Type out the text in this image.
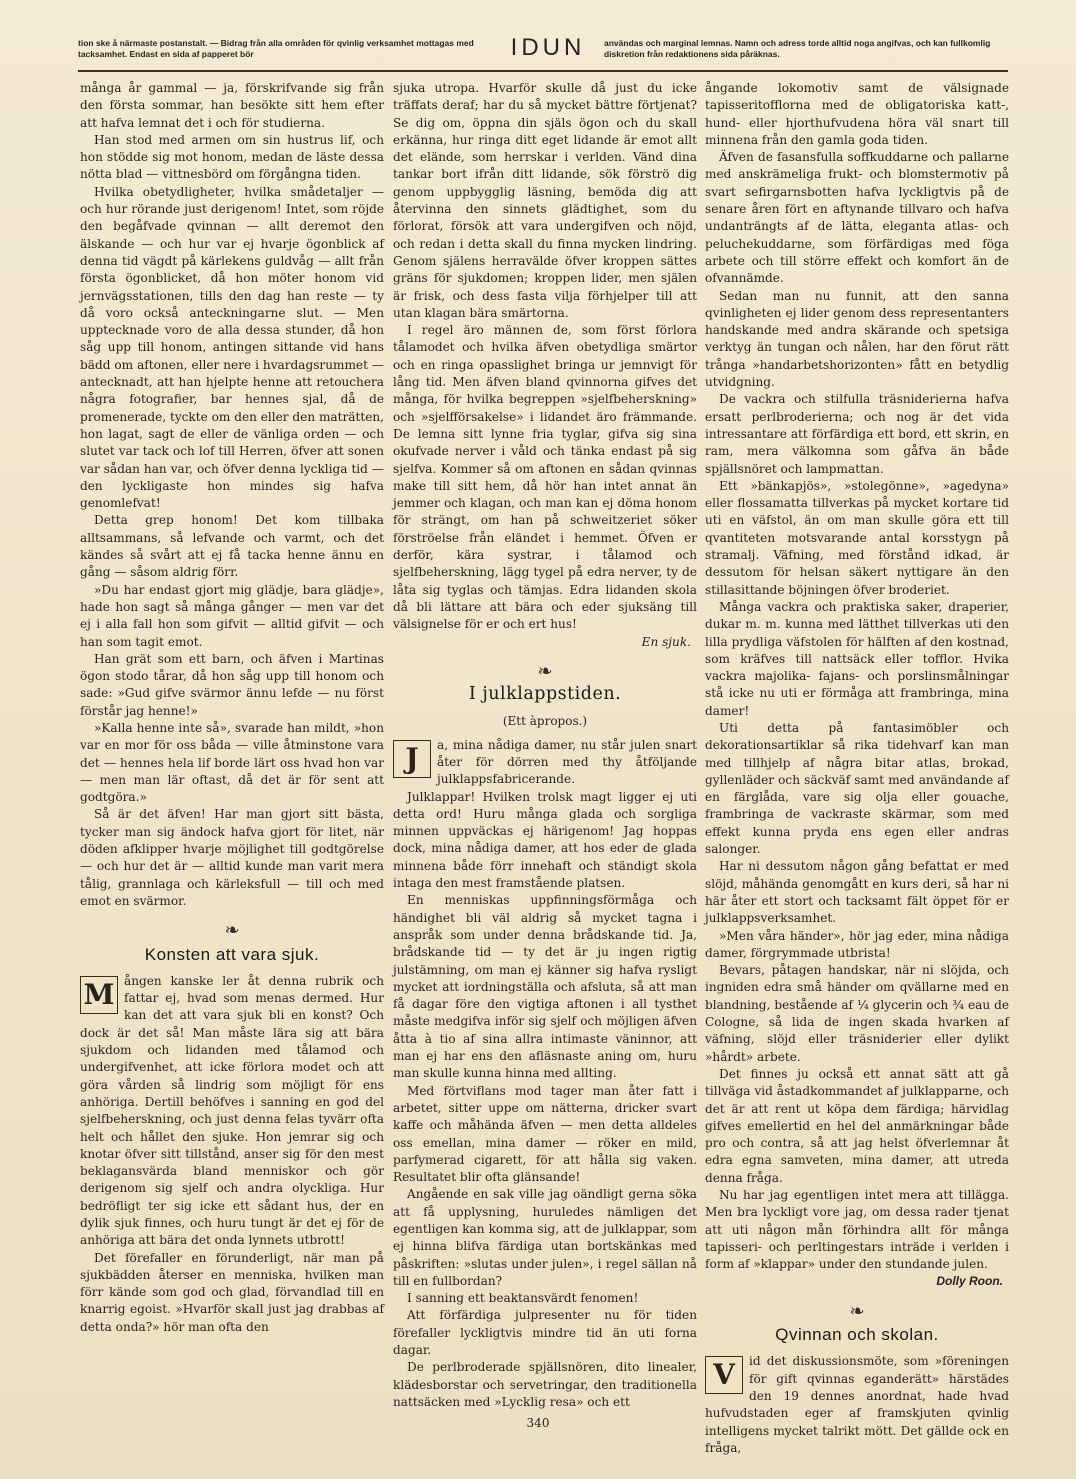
tion ske å närmaste postanstalt. — Bidrag från alla områden för qvinlig verksamhet mottagas med tacksamhet. Endast en sida af papperet bör	IDUN	användas och marginal lemnas. Namn och adress torde alltid noga angifvas, och kan fullkomlig diskretion från redaktionens sida påräknas.

många år gammal — ja, förskrifvande sig från den första sommar, han besökte sitt hem efter att hafva lemnat det i och för studierna.

Han stod med armen om sin hustrus lif, och hon stödde sig mot honom, medan de läste dessa nötta blad — vittnesbörd om förgångna tiden.

Hvilka obetydligheter, hvilka smådetaljer — och hur rörande just derigenom! Intet, som röjde den begåfvade qvinnan — allt deremot den älskande — och hur var ej hvarje ögonblick af denna tid vägdt på kärlekens guldvåg — allt från första ögonblicket, då hon möter honom vid jernvägsstationen, tills den dag han reste — ty då voro också anteckningarne slut. — Men upptecknade voro de alla dessa stunder, då hon såg upp till honom, antingen sittande vid hans bädd om aftonen, eller nere i hvardagsrummet — antecknadt, att han hjelpte henne att retouchera några fotografier, bar hennes sjal, då de promenerade, tyckte om den eller den maträtten, hon lagat, sagt de eller de vänliga orden — och slutet var tack och lof till Herren, öfver att sonen var sådan han var, och öfver denna lyckliga tid — den lyckligaste hon mindes sig hafva genomlefvat!

Detta grep honom! Det kom tillbaka alltsammans, så lefvande och varmt, och det kändes så svårt att ej få tacka henne ännu en gång — såsom aldrig förr.

»Du har endast gjort mig glädje, bara glädje», hade hon sagt så många gånger — men var det ej i alla fall hon som gifvit — alltid gifvit — och han som tagit emot.

Han grät som ett barn, och äfven i Martinas ögon stodo tårar, då hon såg upp till honom och sade: »Gud gifve svärmor ännu lefde — nu först förstår jag henne!»

»Kalla henne inte så», svarade han mildt, »hon var en mor för oss båda — ville åtminstone vara det — hennes hela lif borde lärt oss hvad hon var — men man lär oftast, då det är för sent att godtgöra.»

Så är det äfven! Har man gjort sitt bästa, tycker man sig ändock hafva gjort för litet, när döden afklipper hvarje möjlighet till godtgörelse — och hur det är — alltid kunde man varit mera tålig, grannlaga och kärleksfull — till och med emot en svärmor.

❧
Konsten att vara sjuk.

M ången kanske ler åt denna rubrik och fattar ej, hvad som menas dermed. Hur kan det att vara sjuk bli en konst? Och dock är det så! Man måste lära sig att bära sjukdom och lidanden med tålamod och undergifvenhet, att icke förlora modet och att göra vården så lindrig som möjligt för ens anhöriga. Dertill behöfves i sanning en god del sjelfbeherskning, och just denna felas tyvärr ofta helt och hållet den sjuke. Hon jemrar sig och knotar öfver sitt tillstånd, anser sig för den mest beklagansvärda bland menniskor och gör derigenom sig sjelf och andra olyckliga. Hur bedröfligt ter sig icke ett sådant hus, der en dylik sjuk finnes, och huru tungt är det ej för de anhöriga att bära det onda lynnets utbrott!

Det förefaller en förunderligt, när man på sjukbädden återser en menniska, hvilken man förr kände som god och glad, förvandlad till en knarrig egoist. »Hvarför skall just jag drabbas af detta onda?» hör man ofta den

sjuka utropa. Hvarför skulle då just du icke träffats deraf; har du så mycket bättre förtjenat? Se dig om, öppna din själs ögon och du skall erkänna, hur ringa ditt eget lidande är emot allt det elände, som herrskar i verlden. Vänd dina tankar bort ifrån ditt lidande, sök förströ dig genom uppbygglig läsning, bemöda dig att återvinna den sinnets glädtighet, som du förlorat, försök att vara undergifven och nöjd, och redan i detta skall du finna mycken lindring. Genom själens herravälde öfver kroppen sättes gräns för sjukdomen; kroppen lider, men själen är frisk, och dess fasta vilja förhjelper till att utan klagan bära smärtorna.

I regel äro männen de, som först förlora tålamodet och hvilka äfven obetydliga smärtor och en ringa opasslighet bringa ur jemnvigt för lång tid. Men äfven bland qvinnorna gifves det många, för hvilka begreppen »sjelfbeherskning» och »sjelfförsakelse» i lidandet äro främmande. De lemna sitt lynne fria tyglar, gifva sig sina okufvade nerver i våld och tänka endast på sig sjelfva. Kommer så om aftonen en sådan qvinnas make till sitt hem, då hör han intet annat än jemmer och klagan, och man kan ej döma honom för strängt, om han på schweitzeriet söker förströelse från eländet i hemmet. Öfven er derför, kära systrar, i tålamod och sjelfbeherskning, lägg tygel på edra nerver, ty de låta sig tyglas och tämjas. Edra lidanden skola då bli lättare att bära och eder sjuksäng till välsignelse för er och ert hus!

En sjuk.
❧
I julklappstiden.
(Ett àpropos.)

J	a, mina nådiga damer, nu står julen snart åter för dörren med thy åtföljande julklappsfabricerande.

Julklappar! Hvilken trolsk magt ligger ej uti detta ord! Huru många glada och sorgliga minnen uppväckas ej härigenom! Jag hoppas dock, mina nådiga damer, att hos eder de glada minnena både förr innehaft och ständigt skola intaga den mest framstående platsen.

En menniskas uppfinningsförmåga och händighet bli väl aldrig så mycket tagna i anspråk som under denna brådskande tid. Ja, brådskande tid — ty det är ju ingen rigtig julstämning, om man ej känner sig hafva rysligt mycket att iordningställa och afsluta, så att man få dagar före den vigtiga aftonen i all tysthet måste medgifva inför sig sjelf och möjligen äfven åtta à tio af sina allra intimaste väninnor, att man ej har ens den afläsnaste aning om, huru man skulle kunna hinna med allting.

Med förtviflans mod tager man åter fatt i arbetet, sitter uppe om nätterna, dricker svart kaffe och måhända äfven — men detta alldeles oss emellan, mina damer — röker en mild, parfymerad cigarett, för att hålla sig vaken. Resultatet blir ofta glänsande!

Angående en sak ville jag oändligt gerna söka att få upplysning, huruledes nämligen det egentligen kan komma sig, att de julklappar, som ej hinna blifva färdiga utan bortskänkas med påskriften: »slutas under julen», i regel sällan nå till en fullbordan?

I sanning ett beaktansvärdt fenomen!

Att förfärdiga julpresenter nu för tiden förefaller lyckligtvis mindre tid än uti forna dagar.

De perlbroderade spjällsnören, dito linealer, klädesborstar och servetringar, den traditionella nattsäcken med »Lycklig resa» och ett

ångande lokomotiv samt de välsignade tapisseritofflorna med de obligatoriska katt-, hund- eller hjorthufvudena höra väl snart till minnena från den gamla goda tiden.

Äfven de fasansfulla soffkuddarne och pallarne med anskrämeliga frukt- och blomstermotiv på svart sefirgarnsbotten hafva lyckligtvis på de senare åren fört en aftynande tillvaro och hafva undanträngts af de lätta, eleganta atlas- och peluchekuddarne, som förfärdigas med föga arbete och till större effekt och komfort än de ofvannämde.

Sedan man nu funnit, att den sanna qvinligheten ej lider genom dess representanters handskande med andra skärande och spetsiga verktyg än tungan och nålen, har den förut rätt trånga »handarbetshorizonten» fått en betydlig utvidgning.

De vackra och stilfulla träsniderierna hafva ersatt perlbroderierna; och nog är det vida intressantare att förfärdiga ett bord, ett skrin, en ram, mera välkomna som gåfva än både spjällsnöret och lampmattan.

Ett »bänkapjös», »stolegönne», »agedyna» eller flossamatta tillverkas på mycket kortare tid uti en väfstol, än om man skulle göra ett till qvantiteten motsvarande antal korsstygn på stramalj. Väfning, med förstånd idkad, är dessutom för helsan säkert nyttigare än den stillasittande böjningen öfver broderiet.

Många vackra och praktiska saker, draperier, dukar m. m. kunna med lätthet tillverkas uti den lilla prydliga väfstolen för hälften af den kostnad, som kräfves till nattsäck eller tofflor. Hvika vackra majolika- fajans- och porslinsmålningar stå icke nu uti er förmåga att frambringa, mina damer!

Uti detta på fantasimöbler och dekorationsartiklar så rika tidehvarf kan man med tillhjelp af några bitar atlas, brokad, gyllenläder och säckväf samt med användande af en färglåda, vare sig olja eller gouache, frambringa de vackraste skärmar, som med effekt kunna pryda ens egen eller andras salonger.

Har ni dessutom någon gång befattat er med slöjd, måhända genomgått en kurs deri, så har ni här åter ett stort och tacksamt fält öppet för er julklappsverksamhet.

»Men våra händer», hör jag eder, mina nådiga damer, förgrymmade utbrista!

Bevars, påtagen handskar, när ni slöjda, och ingniden edra små händer om qvällarne med en blandning, bestående af ¼ glycerin och ¾ eau de Cologne, så lida de ingen skada hvarken af väfning, slöjd eller träsniderier eller dylikt »hårdt» arbete.

Det finnes ju också ett annat sätt att gå tillväga vid åstadkommandet af julklapparne, och det är att rent ut köpa dem färdiga; härvidlag gifves emellertid en hel del anmärkningar både pro och contra, så att jag helst öfverlemnar åt edra egna samveten, mina damer, att utreda denna fråga.

Nu har jag egentligen intet mera att tillägga. Men bra lyckligt vore jag, om dessa rader tjenat att uti någon mån förhindra allt för många tapisseri- och perltingestars inträde i verlden i form af »klappar» under den stundande julen.

Dolly Roon.
❧
Qvinnan och skolan.

V	id det diskussionsmöte, som »föreningen för gift qvinnas eganderätt» härstädes den 19 dennes anordnat, hade hvad hufvudstaden eger af framskjuten qvinlig intelligens mycket talrikt mött. Det gällde ock en fråga,

340
